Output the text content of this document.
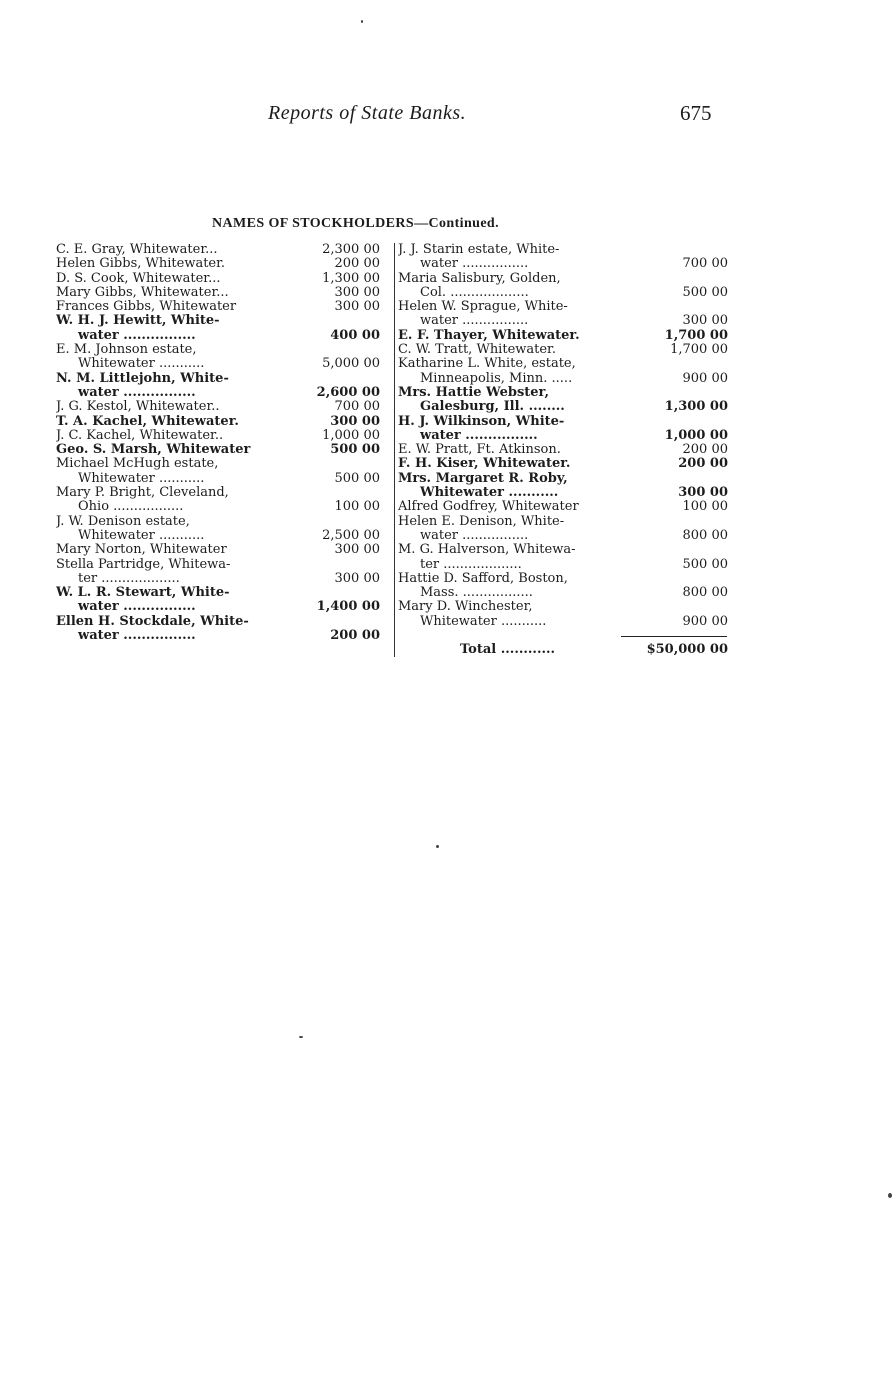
Reports of State Banks.	675
NAMES OF STOCKHOLDERS—Continued.
C. E. Gray, Whitewater...	2,300 00
Helen Gibbs, Whitewater.	200 00
D. S. Cook, Whitewater...	1,300 00
Mary Gibbs, Whitewater...	300 00
Frances Gibbs, Whitewater	300 00
W. H. J. Hewitt, White-
water ................	400 00
E. M. Johnson estate,
Whitewater ...........	5,000 00
N. M. Littlejohn, White-
water ................	2,600 00
J. G. Kestol, Whitewater..	700 00
T. A. Kachel, Whitewater.	300 00
J. C. Kachel, Whitewater..	1,000 00
Geo. S. Marsh, Whitewater	500 00
Michael McHugh estate,
Whitewater ...........	500 00
Mary P. Bright, Cleveland,
Ohio .................	100 00
J. W. Denison estate,
Whitewater ...........	2,500 00
Mary Norton, Whitewater	300 00
Stella Partridge, Whitewa-
ter ...................	300 00
W. L. R. Stewart, White-
water ................	1,400 00
Ellen H. Stockdale, White-
water ................	200 00
J. J. Starin estate, White-
water ................	700 00
Maria Salisbury, Golden,
Col. ...................	500 00
Helen W. Sprague, White-
water ................	300 00
E. F. Thayer, Whitewater.	1,700 00
C. W. Tratt, Whitewater.	1,700 00
Katharine L. White, estate,
Minneapolis, Minn. .....	900 00
Mrs. Hattie Webster,
Galesburg, Ill. ........	1,300 00
H. J. Wilkinson, White-
water ................	1,000 00
E. W. Pratt, Ft. Atkinson.	200 00
F. H. Kiser, Whitewater.	200 00
Mrs. Margaret R. Roby,
Whitewater ...........	300 00
Alfred Godfrey, Whitewater	100 00
Helen E. Denison, White-
water ................	800 00
M. G. Halverson, Whitewa-
ter ...................	500 00
Hattie D. Safford, Boston,
Mass. .................	800 00
Mary D. Winchester,
Whitewater ...........	900 00
Total ............	$50,000 00
